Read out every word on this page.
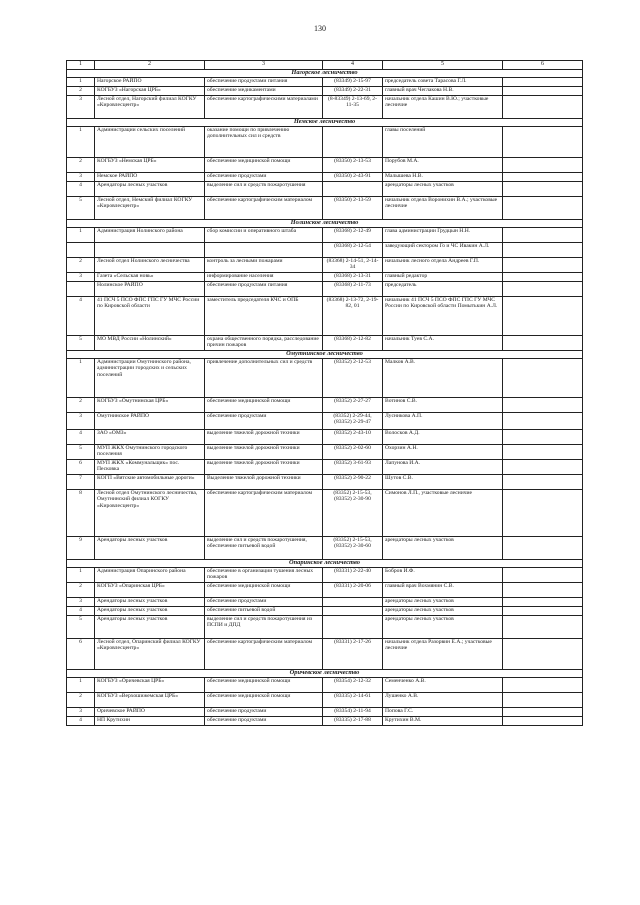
130
1	2	3	4	5	6
Нагорское лесничество					
1	Нагорское РАЙПО	обеспечение продуктами питания	(83349) 2-15-97	председатель совета Тарасова Г.Л.	
2	КОГБУЗ «Нагорская ЦРБ»	обеспечение медикаментами	(83349) 2-22-31	главный врач Чеглакова Н.В.	
3	Лесной отдел, Нагорский филиал КОГКУ «Кировлесцентр»	обеспечение картографическими материалами	(8-83349) 2-13-69, 2-11-35	начальник отдела Кашин В.Ю.; участковые лесничие	
Немское лесничество					
1	Администрации сельских поселений	оказание помощи по привлечению дополнительных сил и средств		главы поселений	
2	КОГБУЗ «Немская ЦРБ»	обеспечение медицинской помощи	(83350) 2-13-53	Порубов М.А.	
3	Немское РАЙПО	обеспечение продуктами	(83350) 2-43-91	Малышева Н.В.	
4	Арендаторы лесных участков	выделение сил и средств пожаротушения		арендаторы лесных участков	
5	Лесной отдел, Немский филиал КОГКУ «Кировлесцентр»	обеспечение картографическим материалом	(83350) 2-13-59	начальник отдела Воронихин В.А.; участковые лесничие	
Нолинское лесничество					
1	Администрация Нолинского района	сбор комиссии и оперативного штаба	(83368) 2-12-49	глава администрации Грудцын Н.Н.	
			(83368) 2-12-54	заведующий сектором Го и ЧС Ивакин А.Л.	
2	Лесной отдел Нолинского лесничества	контроль за лесными пожарами	(83368) 2-14-51, 2-14-34	начальник лесного отдела Андреев Г.П.	
3	Газета «Сельская новь»	информирование населения	(83368) 2-13-31	главный редактор	
	Нолинское РАЙПО	обеспечение продуктами питания	(83368) 2-11-73	председатель	
4	41 ПСЧ 5 ПСО ФПС ГПС ГУ МЧС России по Кировской области	заместитель председателя КЧС и ОПБ	(83368) 2-13-72, 2-19-82, 01	начальник 41 ПСЧ 5 ПСО ФПС ГПС ГУ МЧС России по Кировской области Помытькин А.Л.	
5	МО МВД России «Нолинский»	охрана общественного порядка, расследование причин пожаров	(83368) 2-12-82	начальник Туев С.А.	
Омутнинское лесничество					
1	Администрации Омутнинского района, администрации городских и сельских поселений	привлечение дополнительных сил и средств	(83352) 2-12-53	Малков А.В.	
2	КОГБУЗ «Омутнинская ЦРБ»	обеспечение медицинской помощи	(83352) 2-27-27	Вотинов С.В.	
3	Омутнинское РАЙПО	обеспечение продуктами	(83352) 2-29-44, (83352) 2-29-47	Лусникова А.П.	
4	ЗАО «ОМЗ»	выделение тяжелой дорожной техники	(83352) 2-43-10	Волосков А.Д.	
5	МУП ЖКХ Омутнинского городского поселения	выделение тяжелой дорожной техники	(83352) 2-02-60	Охорзин А.Н.	
6	МУП ЖКХ «Коммунальщик» пос. Песковка	выделение тяжелой дорожной техники	(83352) 3-61-93	Лапунова И.А.	
7	КОГП «Вятские автомобильные дороги»	Выделение тяжелой дорожной техники	(83352) 2-90-22	Шутов С.В.	
8	Лесной отдел Омутнинского лесничества, Омутнинский филиал КОГКУ «Кировлесцентр»	обеспечение картографическим материалом	(83352) 2-15-53, (83352) 2-30-90	Симонов Л.П., участковые лесничие	
9	Арендаторы лесных участков	выделение сил и средств пожаротушения, обеспечение питьевой водой	(83352) 2-15-53, (83352) 2-30-60	арендаторы лесных участков	
Опаринское лесничество					
1	Администрация Опаринского района	обеспечение в организации тушения лесных пожаров	(83331) 2-22-40	Бобров И.Ф.	
2	КОГБУЗ «Опаринская ЦРБ»	обеспечение медицинской помощи	(83331) 2-20-06	главный врач Вохмянин С.В.	
3	Арендаторы лесных участков	обеспечение продуктами		арендаторы лесных участков	
4	Арендаторы лесных участков	обеспечение питьевой водой		арендаторы лесных участков	
5	Арендаторы лесных участков	выделение сил и средств пожаротушения из ПСПИ и ДПД		арендаторы лесных участков	
6	Лесной отдел, Опаринский филиал КОГКУ «Кировлесцентр»	обеспечение картографическим материалом	(83331) 2-17-26	начальник отдела Разорвин Е.А.; участковые лесничие	
Оричевское лесничество					
1	КОГБУЗ «Оричевская ЦРБ»	обеспечение медицинской помощи	(83354) 2-12-32	Семенченко А.В.	
2	КОГБУЗ «Верхошижемская ЦРБ»	обеспечение медицинской помощи	(83335) 2-14-61	Лушенко А.В.	
3	Оричевское РАЙПО	обеспечение продуктами	(83354) 2-11-94	Попова Г.С.	
4	НП Крутихин	обеспечение продуктами	(83335) 2-17-88	Крутихин В.М.	
